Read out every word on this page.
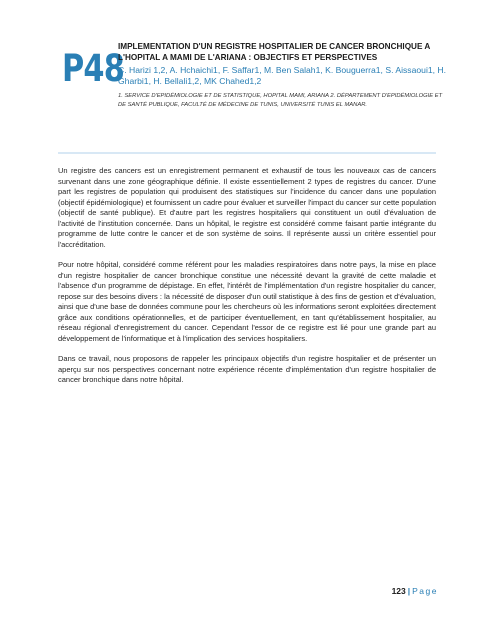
P48

IMPLEMENTATION D'UN REGISTRE HOSPITALIER DE CANCER BRONCHIQUE A L'HOPITAL A MAMI DE L'ARIANA : OBJECTIFS ET PERSPECTIVES

C. Harizi 1,2, A. Hchaichi1, F. Saffar1, M. Ben Salah1, K. Bouguerra1, S. Aissaoui1, H. Gharbi1, H. Bellali1,2, MK Chahed1,2

1. SERVICE D'EPIDÉMIOLOGIE ET DE STATISTIQUE, HOPITAL MAMI, ARIANA 2. DÉPARTEMENT D'EPIDÉMIOLOGIE ET DE SANTÉ PUBLIQUE, FACULTÉ DE MÉDECINE DE TUNIS, UNIVERSITÉ TUNIS EL MANAR.

Un registre des cancers est un enregistrement permanent et exhaustif de tous les nouveaux cas de cancers survenant dans une zone géographique définie. Il existe essentiellement 2 types de registres du cancer. D'une part les registres de population qui produisent des statistiques sur l'incidence du cancer dans une population (objectif épidémiologique) et fournissent un cadre pour évaluer et surveiller l'impact du cancer sur cette population (objectif de santé publique). Et d'autre part les registres hospitaliers qui constituent un outil d'évaluation de l'activité de l'institution concernée. Dans un hôpital, le registre est considéré comme faisant partie intégrante du programme de lutte contre le cancer et de son système de soins. Il représente aussi un critère essentiel pour l'accréditation.

Pour notre hôpital, considéré comme référent pour les maladies respiratoires dans notre pays, la mise en place d'un registre hospitalier de cancer bronchique constitue une nécessité devant la gravité de cette maladie et l'absence d'un programme de dépistage. En effet, l'intérêt de l'implémentation d'un registre hospitalier du cancer, repose sur des besoins divers : la nécessité de disposer d'un outil statistique à des fins de gestion et d'évaluation, ainsi que d'une base de données commune pour les chercheurs où les informations seront exploitées directement grâce aux conditions opérationnelles, et de participer éventuellement, en tant qu'établissement hospitalier, au réseau régional d'enregistrement du cancer. Cependant l'essor de ce registre est lié pour une grande part au développement de l'informatique et à l'implication des services hospitaliers.

Dans ce travail, nous proposons de rappeler les principaux objectifs d'un registre hospitalier et de présenter un aperçu sur nos perspectives concernant notre expérience récente d'implémentation d'un registre hospitalier de cancer bronchique dans notre hôpital.

123 | Page
